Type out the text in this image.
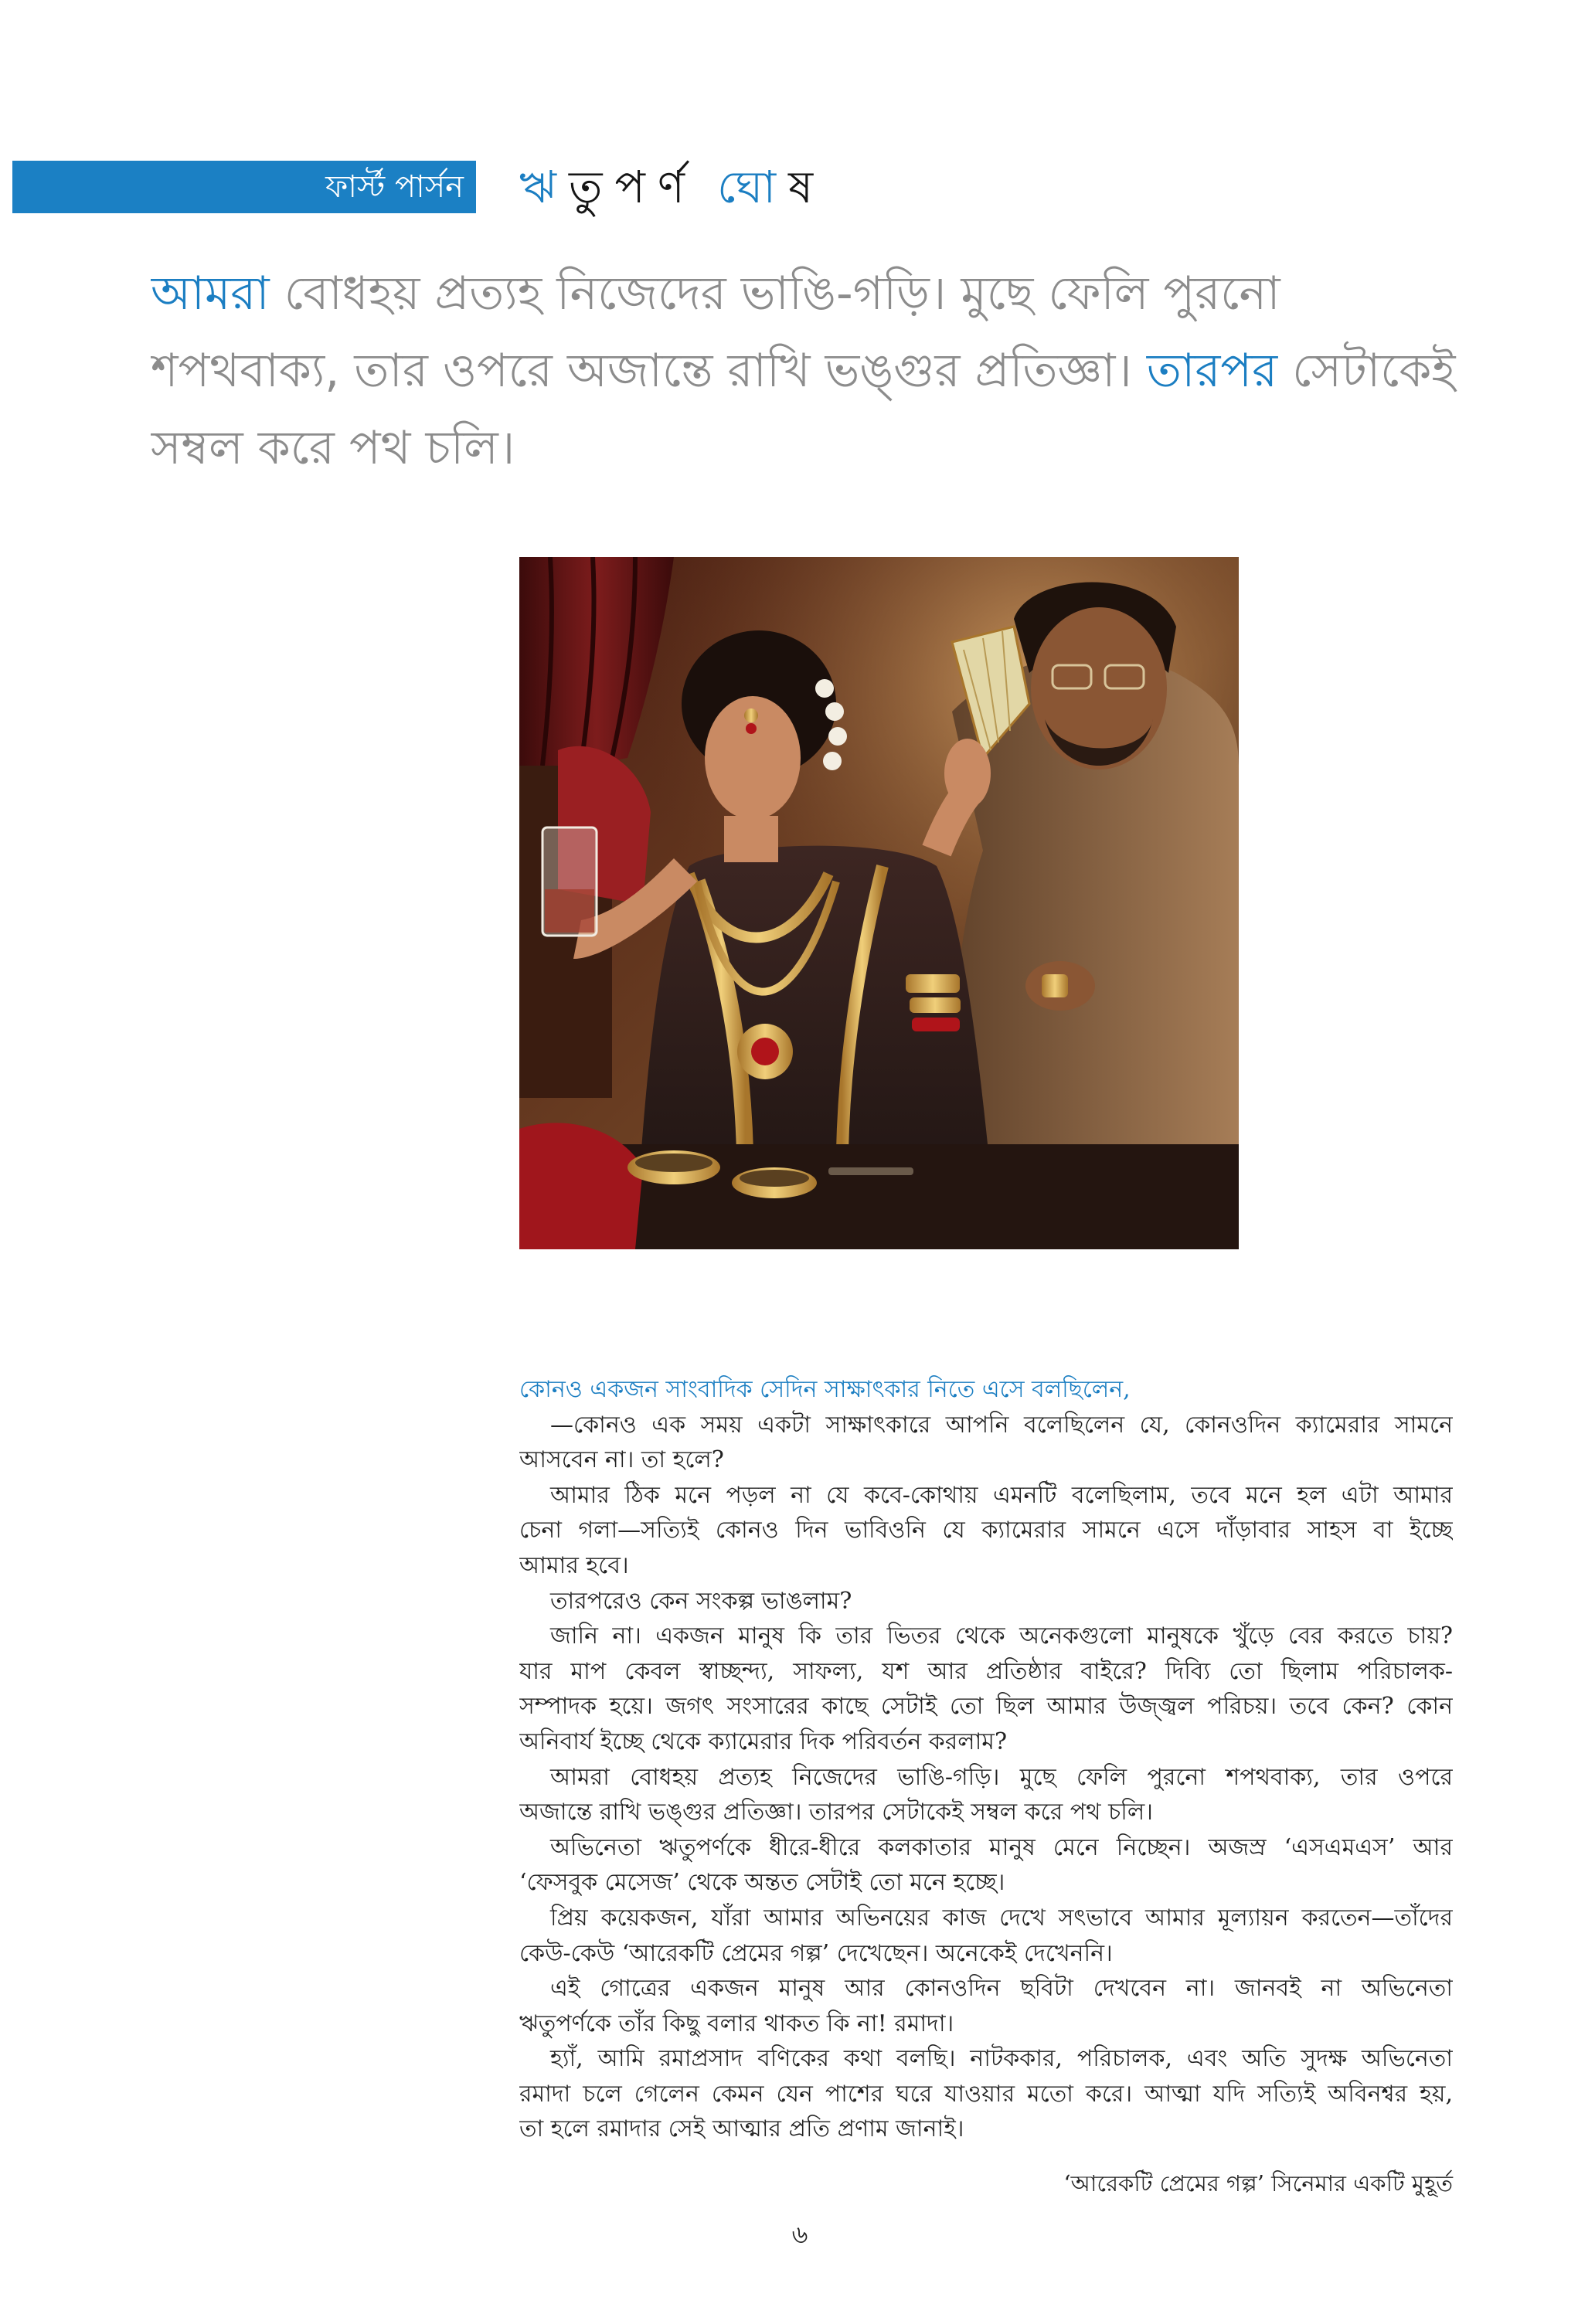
ফার্স্ট পার্সন ঋ তু প র্ণ ঘো ষ
আমরা বোধহয় প্রত্যহ নিজেদের ভাঙি-গড়ি। মুছে ফেলি পুরনো
শপথবাক্য, তার ওপরে অজান্তে রাখি ভঙ্গুর প্রতিজ্ঞা। তারপর সেটাকেই
সম্বল করে পথ চলি।
কোনও একজন সাংবাদিক সেদিন সাক্ষাৎকার নিতে এসে বলছিলেন,
—কোনও এক সময় একটা সাক্ষাৎকারে আপনি বলেছিলেন যে, কোনওদিন ক্যামেরার সামনে
আসবেন না। তা হলে?
আমার ঠিক মনে পড়ল না যে কবে-কোথায় এমনটি বলেছিলাম, তবে মনে হল এটা আমার
চেনা গলা—সত্যিই কোনও দিন ভাবিওনি যে ক্যামেরার সামনে এসে দাঁড়াবার সাহস বা ইচ্ছে
আমার হবে।
তারপরেও কেন সংকল্প ভাঙলাম?
জানি না। একজন মানুষ কি তার ভিতর থেকে অনেকগুলো মানুষকে খুঁড়ে বের করতে চায়?
যার মাপ কেবল স্বাচ্ছন্দ্য, সাফল্য, যশ আর প্রতিষ্ঠার বাইরে? দিব্যি তো ছিলাম পরিচালক-
সম্পাদক হয়ে। জগৎ সংসারের কাছে সেটাই তো ছিল আমার উজ্জ্বল পরিচয়। তবে কেন? কোন
অনিবার্য ইচ্ছে থেকে ক্যামেরার দিক পরিবর্তন করলাম?
আমরা বোধহয় প্রত্যহ নিজেদের ভাঙি-গড়ি। মুছে ফেলি পুরনো শপথবাক্য, তার ওপরে
অজান্তে রাখি ভঙ্গুর প্রতিজ্ঞা। তারপর সেটাকেই সম্বল করে পথ চলি।
অভিনেতা ঋতুপর্ণকে ধীরে-ধীরে কলকাতার মানুষ মেনে নিচ্ছেন। অজস্র ‘এসএমএস’ আর
‘ফেসবুক মেসেজ’ থেকে অন্তত সেটাই তো মনে হচ্ছে।
প্রিয় কয়েকজন, যাঁরা আমার অভিনয়ের কাজ দেখে সৎভাবে আমার মূল্যায়ন করতেন—তাঁদের
কেউ-কেউ ‘আরেকটি প্রেমের গল্প’ দেখেছেন। অনেকেই দেখেননি।
এই গোত্রের একজন মানুষ আর কোনওদিন ছবিটা দেখবেন না। জানবই না অভিনেতা
ঋতুপর্ণকে তাঁর কিছু বলার থাকত কি না! রমাদা।
হ্যাঁ, আমি রমাপ্রসাদ বণিকের কথা বলছি। নাটককার, পরিচালক, এবং অতি সুদক্ষ অভিনেতা
রমাদা চলে গেলেন কেমন যেন পাশের ঘরে যাওয়ার মতো করে। আত্মা যদি সত্যিই অবিনশ্বর হয়,
তা হলে রমাদার সেই আত্মার প্রতি প্রণাম জানাই।
‘আরেকটি প্রেমের গল্প’ সিনেমার একটি মুহূর্ত
৬
